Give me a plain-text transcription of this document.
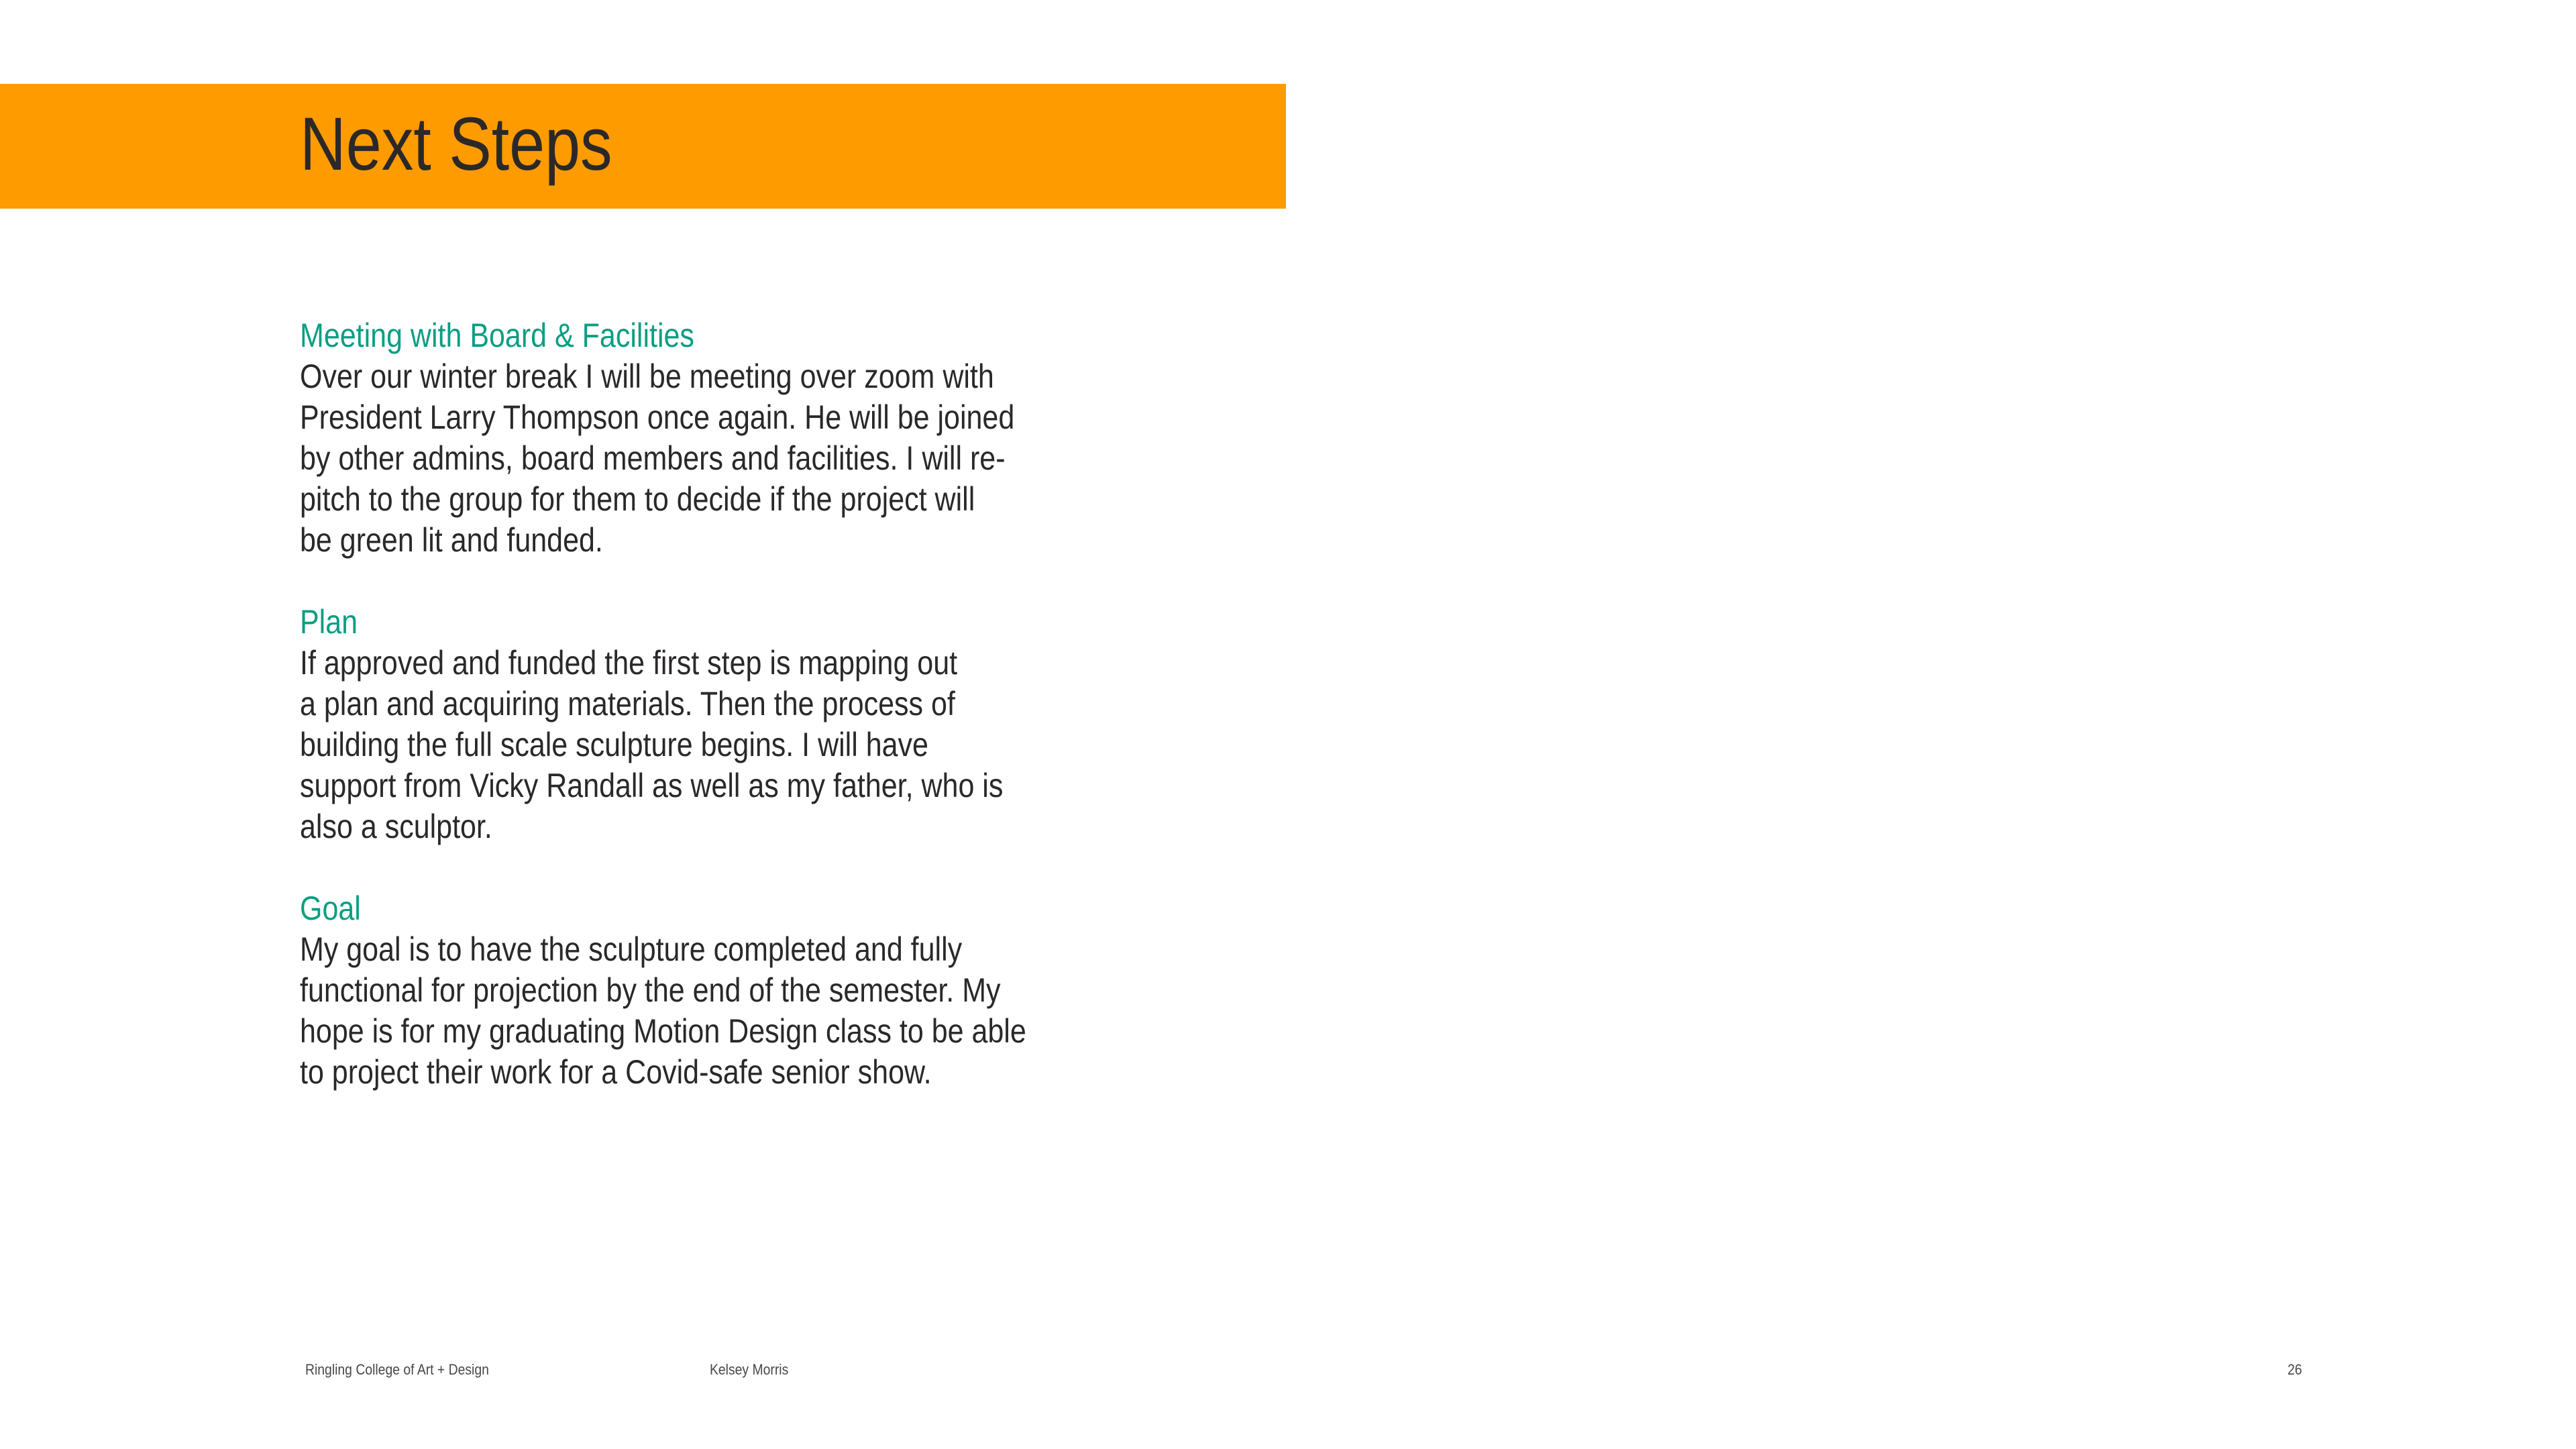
Next Steps
Meeting with Board & Facilities
Over our winter break I will be meeting over zoom with
President Larry Thompson once again. He will be joined
by other admins, board members and facilities. I will re-
pitch to the group for them to decide if the project will
be green lit and funded.
Plan
If approved and funded the first step is mapping out
a plan and acquiring materials. Then the process of
building the full scale sculpture begins. I will have
support from Vicky Randall as well as my father, who is
also a sculptor.
Goal
My goal is to have the sculpture completed and fully
functional for projection by the end of the semester. My
hope is for my graduating Motion Design class to be able
to project their work for a Covid-safe senior show.
Ringling College of Art + Design	Kelsey Morris	26
